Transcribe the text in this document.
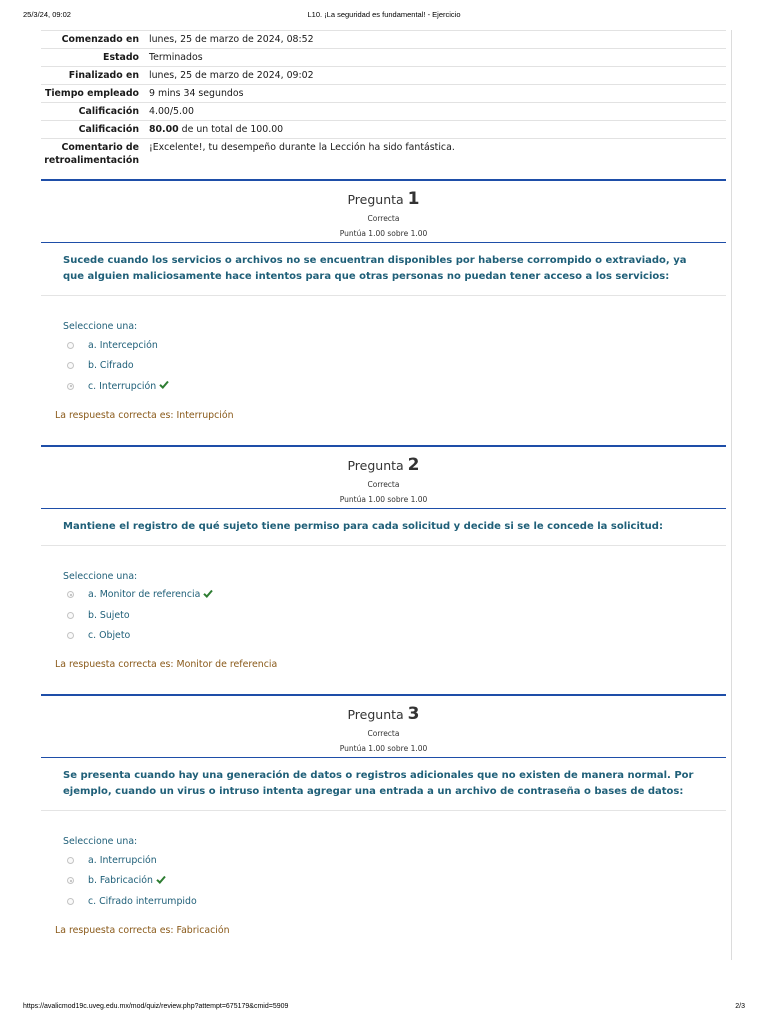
25/3/24, 09:02	L10. ¡La seguridad es fundamental! - Ejercicio
Comenzado en	lunes, 25 de marzo de 2024, 08:52
Estado	Terminados
Finalizado en	lunes, 25 de marzo de 2024, 09:02
Tiempo empleado	9 mins 34 segundos
Calificación	4.00/5.00
Calificación	80.00 de un total de 100.00
Comentario de
retroalimentación	¡Excelente!, tu desempeño durante la Lección ha sido fantástica.
Pregunta 1
Correcta
Puntúa 1.00 sobre 1.00
Sucede cuando los servicios o archivos no se encuentran disponibles por haberse corrompido o extraviado, ya que alguien maliciosamente hace intentos para que otras personas no puedan tener acceso a los servicios:
Seleccione una:
a. Intercepción
b. Cifrado
c. Interrupción
La respuesta correcta es: Interrupción
Pregunta 2
Correcta
Puntúa 1.00 sobre 1.00
Mantiene el registro de qué sujeto tiene permiso para cada solicitud y decide si se le concede la solicitud:
Seleccione una:
a. Monitor de referencia
b. Sujeto
c. Objeto
La respuesta correcta es: Monitor de referencia
Pregunta 3
Correcta
Puntúa 1.00 sobre 1.00
Se presenta cuando hay una generación de datos o registros adicionales que no existen de manera normal. Por ejemplo, cuando un virus o intruso intenta agregar una entrada a un archivo de contraseña o bases de datos:
Seleccione una:
a. Interrupción
b. Fabricación
c. Cifrado interrumpido
La respuesta correcta es: Fabricación
https://avalicmod19c.uveg.edu.mx/mod/quiz/review.php?attempt=675179&cmid=5909	2/3
